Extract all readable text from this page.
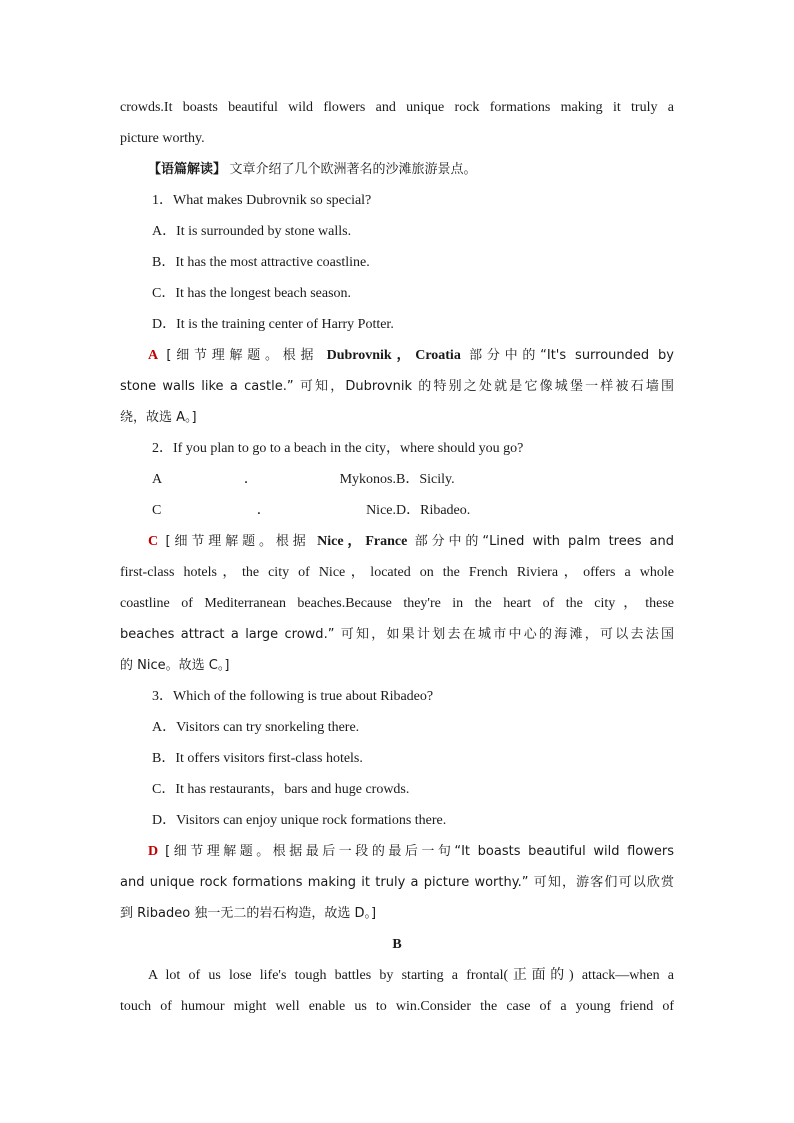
crowds.It boasts beautiful wild flowers and unique rock formations making it truly a

picture worthy.

【语篇解读】 文章介绍了几个欧洲著名的沙滩旅游景点。

1．What makes Dubrovnik so special?

A．It is surrounded by stone walls.

B．It has the most attractive coastline.

C．It has the longest beach season.

D．It is the training center of Harry Potter.

A [细节理解题。根据 Dubrovnik，Croatia 部分中的“It's surrounded by

stone walls like a castle.” 可知，Dubrovnik 的特别之处就是它像城堡一样被石墙围

绕，故选 A。]

2．If you plan to go to a beach in the city，where should you go?

A．Mykonos. B．Sicily.
C．Nice. D．Ribadeo.

C [细节理解题。根据 Nice，France 部分中的“Lined with palm trees and

first-class hotels，the city of Nice，located on the French Riviera，offers a whole

coastline of Mediterranean beaches.Because they're in the heart of the city，these

beaches attract a large crowd.” 可知，如果计划去在城市中心的海滩，可以去法国

的 Nice。故选 C。]

3．Which of the following is true about Ribadeo?

A．Visitors can try snorkeling there.

B．It offers visitors first-class hotels.

C．It has restaurants，bars and huge crowds.

D．Visitors can enjoy unique rock formations there.

D [细节理解题。根据最后一段的最后一句“It boasts beautiful wild flowers

and unique rock formations making it truly a picture worthy.” 可知，游客们可以欣赏

到 Ribadeo 独一无二的岩石构造，故选 D。]

B

A lot of us lose life's tough battles by starting a frontal(正面的) attack—when a

touch of humour might well enable us to win.Consider the case of a young friend of
